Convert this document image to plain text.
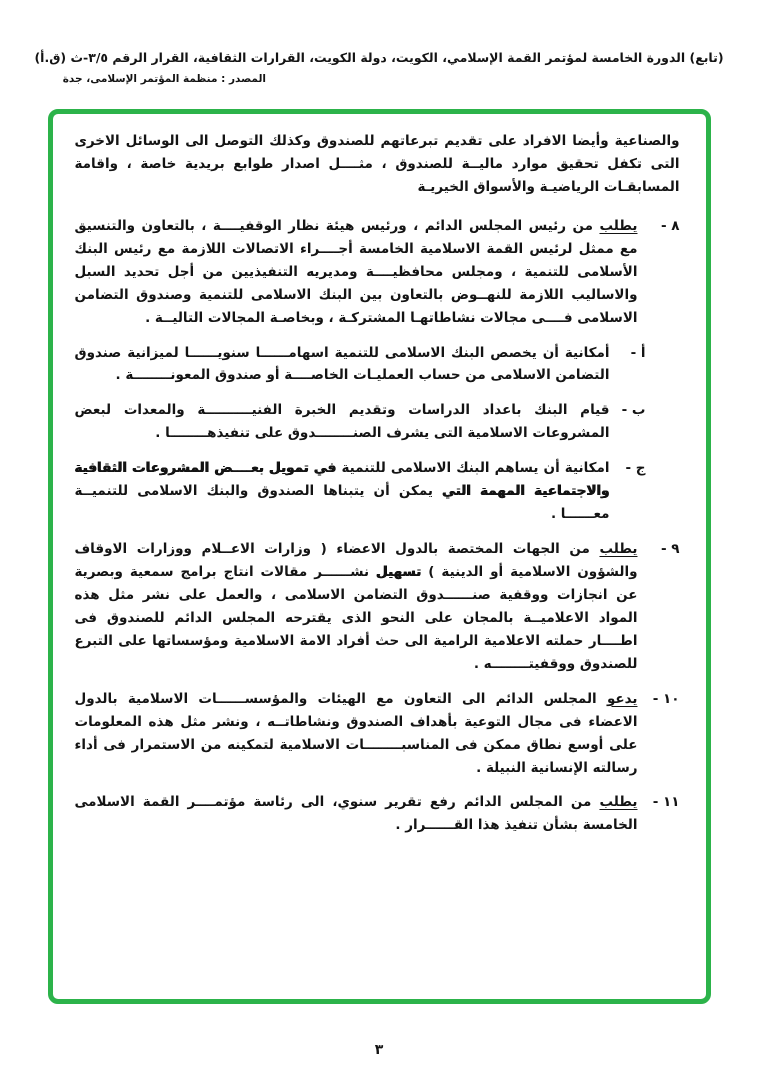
(تابع) الدورة الخامسة لمؤتمر القمة الإسلامي، الكويت، دولة الكويت، القرارات الثقافية، القرار الرقم ٣/٥-ث (ق.أ)
المصدر : منظمة المؤتمر الإسلامى، جدة

والصناعية وأيضا الافراد على تقديم تبرعاتهم للصندوق وكذلك التوصل الى الوسائل الاخرى التى تكفل تحقيق موارد ماليــة للصندوق ، مثــــل اصدار طوابع بريدية خاصة ، واقامة المسابقـات الرياضيـة والأسواق الخيريـة

٨ -
يطلب من رئيس المجلس الدائم ، ورئيس هيئة نظار الوقفيــــة ، بالتعاون والتنسيق مع ممثل لرئيس القمة الاسلامية الخامسة أجــــراء الاتصالات اللازمة مع رئيس البنك الأسلامى للتنمية ، ومجلس محافظيــــة ومديريه التنفيذيين من أجل تحديد السبل والاساليب اللازمة للنهــوض بالتعاون بين البنك الاسلامى للتنمية وصندوق التضامن الاسلامى فــــى مجالات نشاطاتهـا المشتركـة ، وبخاصـة المجالات التاليــة .
أ -
أمكانية أن يخصص البنك الاسلامى للتنمية اسهامــــــا سنويــــــا لميزانية صندوق التضامن الاسلامى من حساب العمليـات الخاصــــة أو صندوق المعونــــــــة .
ب -
قيام البنك باعداد الدراسات وتقديم الخبرة الفنيــــــــــة والمعدات لبعض المشروعات الاسلامية التى يشرف الصنــــــــدوق على تنفيذهــــــــا .
ج -
امكانية أن يساهم البنك الاسلامى للتنمية في تمويل بعــــض المشروعات الثقافية والاجتماعية المهمة التي يمكن أن يتبناها الصندوق والبنك الاسلامى للتنميــة معــــــا .
٩ -
يطلب من الجهات المختصة بالدول الاعضاء ( وزارات الاعــلام ووزارات الاوقاف والشؤون الاسلامية أو الدينية ) تسهيل نشــــــر مقالات انتاج برامج سمعية وبصرية عن انجازات ووقفية صنــــــدوق التضامن الاسلامى ، والعمل على نشر مثل هذه المواد الاعلاميــة بالمجان على النحو الذى يقترحه المجلس الدائم للصندوق فى اطــــار حملته الاعلامية الرامية الى حث أفراد الامة الاسلامية ومؤسساتها على التبرع للصندوق ووقفيتــــــــه .
١٠ -
يدعو المجلس الدائم الى التعاون مع الهيئات والمؤسســــــات الاسلامية بالدول الاعضاء فى مجال التوعية بأهداف الصندوق ونشاطاتــه ، ونشر مثل هذه المعلومات على أوسع نطاق ممكن فى المناسبــــــــات الاسلامية لتمكينه من الاستمرار فى أداء رسالته الإنسانية النبيلة .
١١ -
يطلب من المجلس الدائم رفع تقرير سنوي، الى رئاسة مؤتمــــر القمة الاسلامى الخامسة بشأن تنفيذ هذا القــــــرار .
٣
